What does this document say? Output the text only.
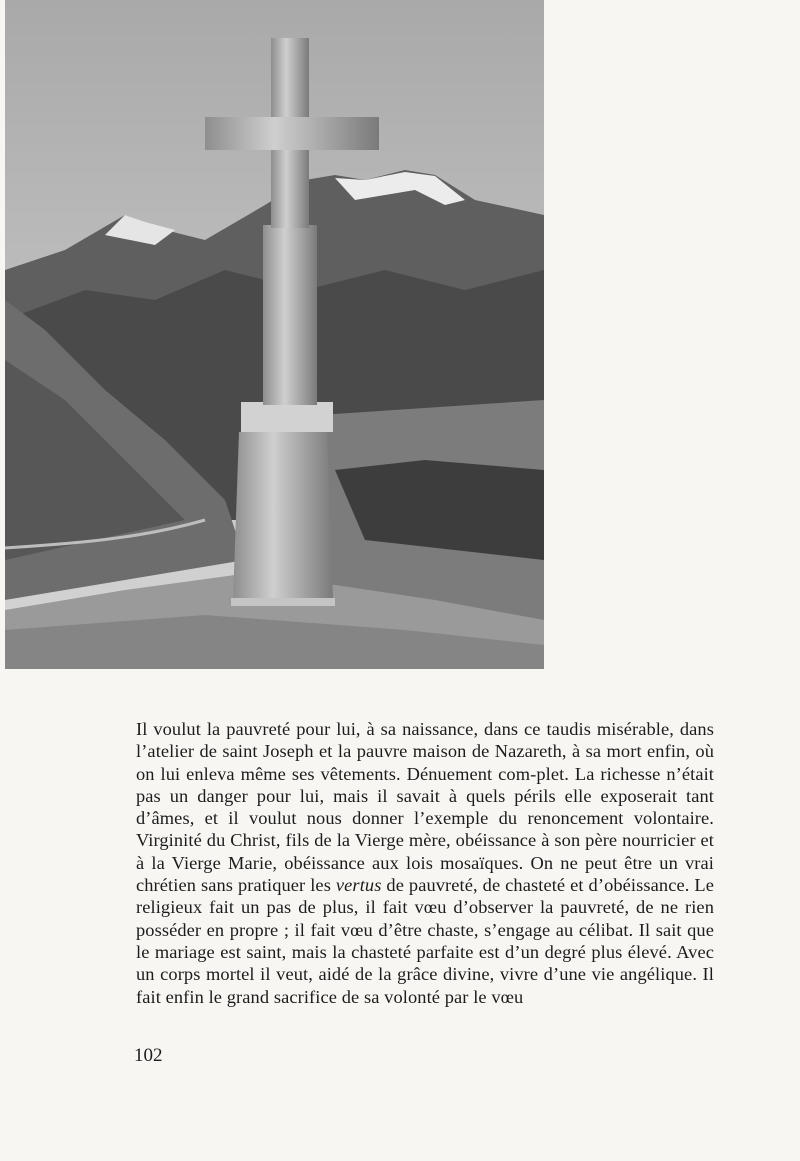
Il voulut la pauvreté pour lui, à sa naissance, dans ce taudis misérable, dans l’atelier de saint Joseph et la pauvre maison de Nazareth, à sa mort enfin, où on lui enleva même ses vêtements. Dénuement com-plet. La richesse n’était pas un danger pour lui, mais il savait à quels périls elle exposerait tant d’âmes, et il voulut nous donner l’exemple du renoncement volontaire. Virginité du Christ, fils de la Vierge mère, obéissance à son père nourricier et à la Vierge Marie, obéissance aux lois mosaïques. On ne peut être un vrai chrétien sans pratiquer les vertus de pauvreté, de chasteté et d’obéissance. Le religieux fait un pas de plus, il fait vœu d’observer la pauvreté, de ne rien posséder en propre ; il fait vœu d’être chaste, s’engage au célibat. Il sait que le mariage est saint, mais la chasteté parfaite est d’un degré plus élevé. Avec un corps mortel il veut, aidé de la grâce divine, vivre d’une vie angélique. Il fait enfin le grand sacrifice de sa volonté par le vœu
102
